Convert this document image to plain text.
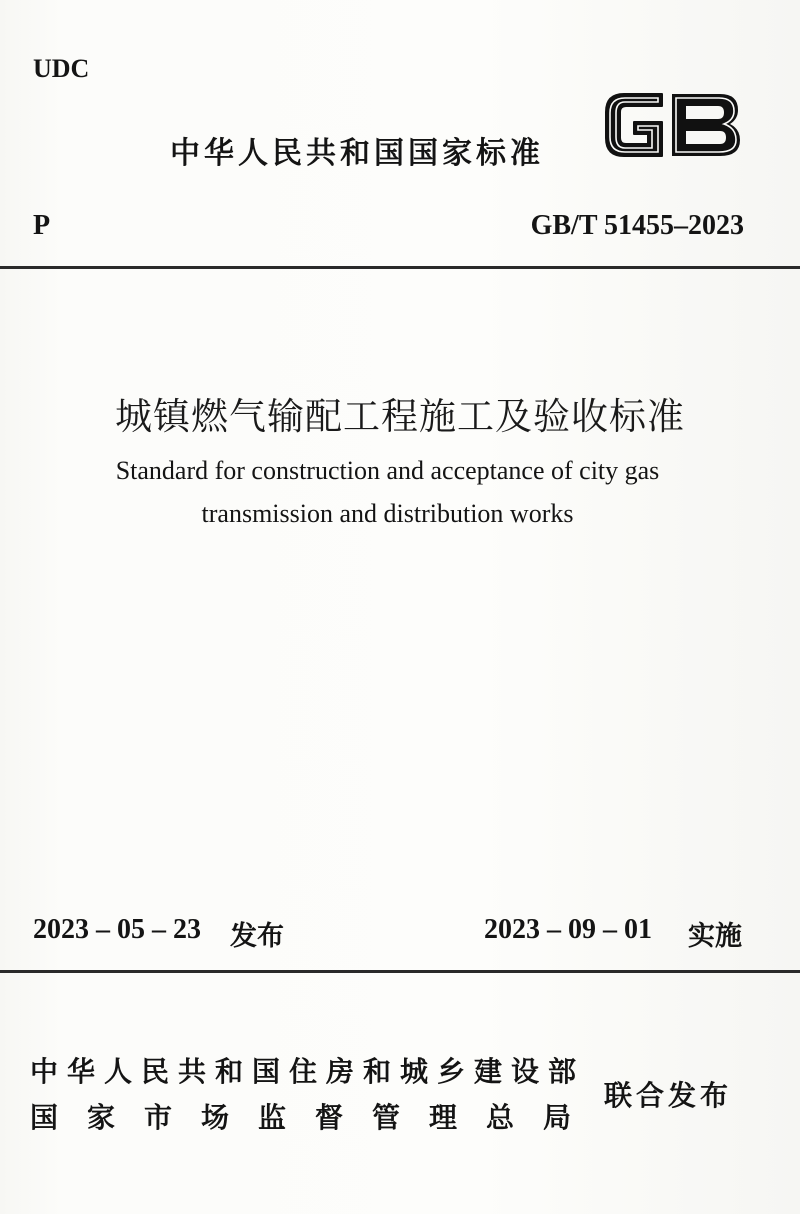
UDC
中华人民共和国国家标准
P	GB/T 51455–2023
城镇燃气输配工程施工及验收标准
Standard for construction and acceptance of city gas
transmission and distribution works
2023 – 05 – 23 发布	2023 – 09 – 01 实施
中华人民共和国住房和城乡建设部
国家市场监督管理总局
联合发布
